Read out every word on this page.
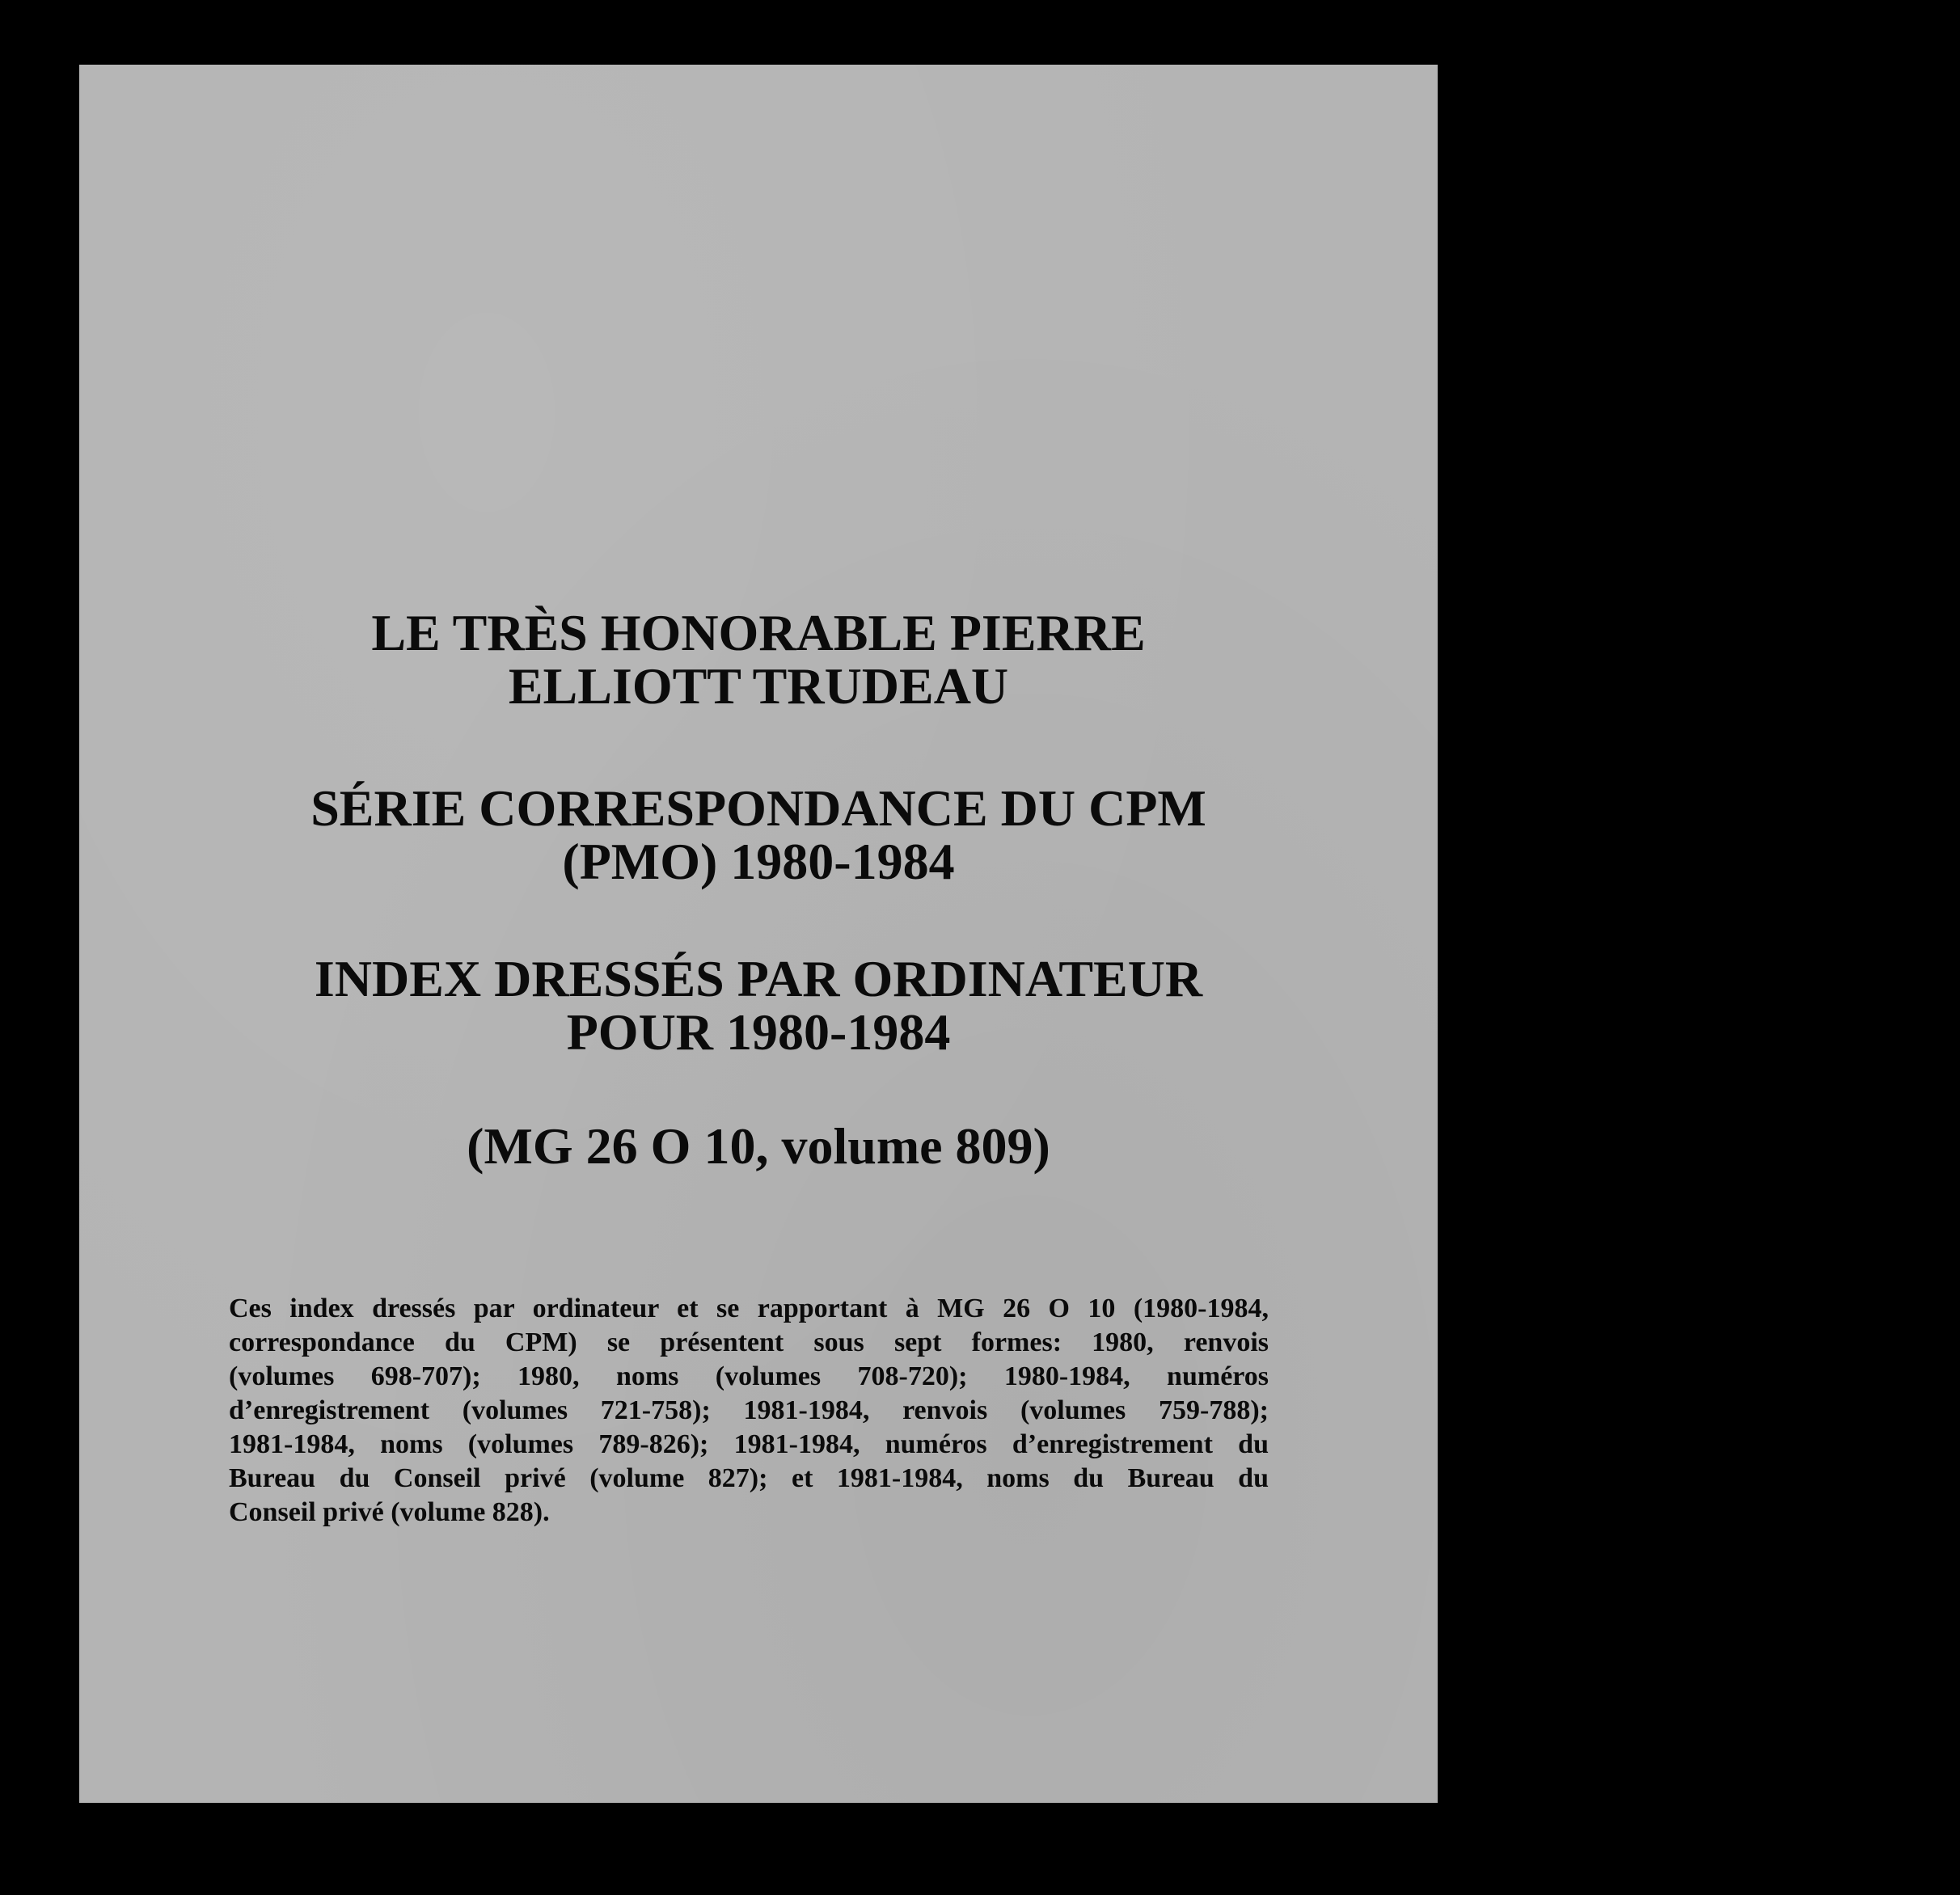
LE TRÈS HONORABLE PIERRE
ELLIOTT TRUDEAU
SÉRIE CORRESPONDANCE DU CPM
(PMO) 1980-1984
INDEX DRESSÉS PAR ORDINATEUR
POUR 1980-1984
(MG 26 O 10, volume 809)
Ces index dressés par ordinateur et se rapportant à MG 26 O 10 (1980-1984,
correspondance du CPM) se présentent sous sept formes: 1980, renvois
(volumes 698-707); 1980, noms (volumes 708-720); 1980-1984, numéros
d’enregistrement (volumes 721-758); 1981-1984, renvois (volumes 759-788);
1981-1984, noms (volumes 789-826); 1981-1984, numéros d’enregistrement du
Bureau du Conseil privé (volume 827); et 1981-1984, noms du Bureau du
Conseil privé (volume 828).
